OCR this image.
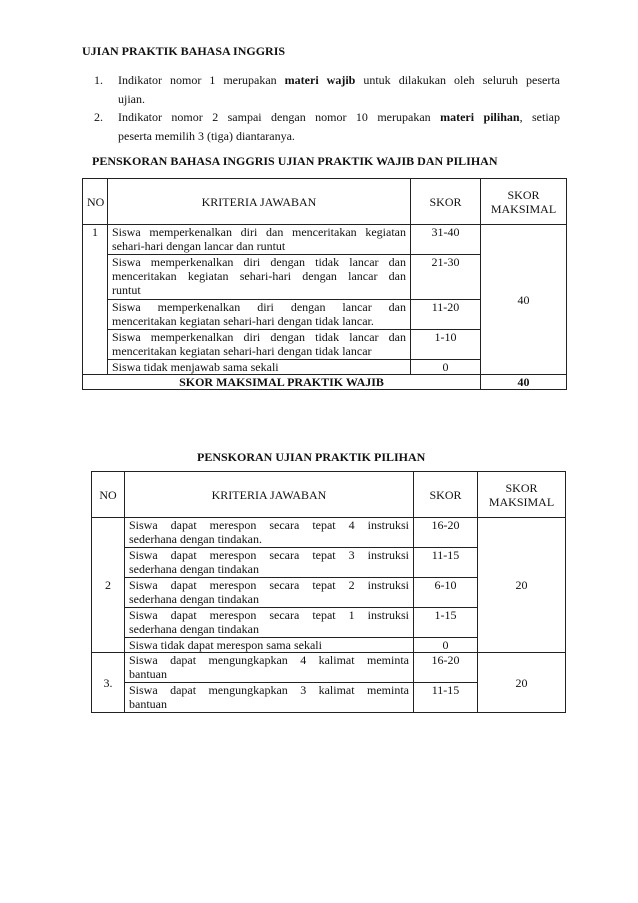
UJIAN PRAKTIK BAHASA INGGRIS
1. Indikator nomor 1 merupakan materi wajib untuk dilakukan oleh seluruh peserta
ujian.
2. Indikator nomor 2 sampai dengan nomor 10 merupakan materi pilihan, setiap
peserta memilih 3 (tiga) diantaranya.
PENSKORAN BAHASA INGGRIS UJIAN PRAKTIK WAJIB DAN PILIHAN
NO	KRITERIA JAWABAN	SKOR	SKOR
MAKSIMAL

1	Siswa memperkenalkan diri dan menceritakan kegiatan
sehari-hari dengan lancar dan runtut	31-40	40

	Siswa memperkenalkan diri dengan tidak lancar dan
menceritakan kegiatan sehari-hari dengan lancar dan
runtut	21-30	

	Siswa memperkenalkan diri dengan lancar dan
menceritakan kegiatan sehari-hari dengan tidak lancar.	11-20	

	Siswa memperkenalkan diri dengan tidak lancar dan
menceritakan kegiatan sehari-hari dengan tidak lancar	1-10	
	Siswa tidak menjawab sama sekali	0	
SKOR MAKSIMAL PRAKTIK WAJIB			40
PENSKORAN UJIAN PRAKTIK PILIHAN
NO	KRITERIA JAWABAN	SKOR	SKOR
MAKSIMAL

2	Siswa dapat merespon secara tepat 4 instruksi
sederhana dengan tindakan.	16-20	20

	Siswa dapat merespon secara tepat 3 instruksi
sederhana dengan tindakan	11-15	

	Siswa dapat merespon secara tepat 2 instruksi
sederhana dengan tindakan	6-10	

	Siswa dapat merespon secara tepat 1 instruksi
sederhana dengan tindakan	1-15	
	Siswa tidak dapat merespon sama sekali	0	
3.	Siswa dapat mengungkapkan 4 kalimat meminta
bantuan	16-20	20

	Siswa dapat mengungkapkan 3 kalimat meminta
bantuan	11-15	
